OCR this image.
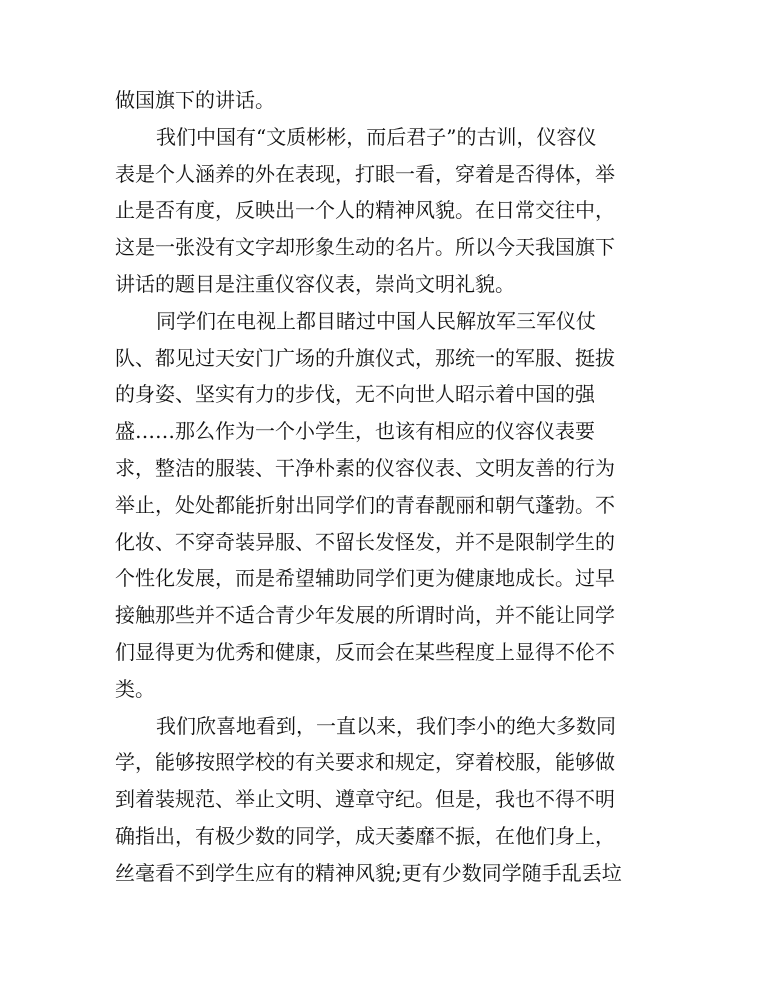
做国旗下的讲话。
我们中国有“文质彬彬，而后君子”的古训，仪容仪
表是个人涵养的外在表现，打眼一看，穿着是否得体，举
止是否有度，反映出一个人的精神风貌。在日常交往中，
这是一张没有文字却形象生动的名片。所以今天我国旗下
讲话的题目是注重仪容仪表，崇尚文明礼貌。
同学们在电视上都目睹过中国人民解放军三军仪仗
队、都见过天安门广场的升旗仪式，那统一的军服、挺拔
的身姿、坚实有力的步伐，无不向世人昭示着中国的强
盛……那么作为一个小学生，也该有相应的仪容仪表要
求，整洁的服装、干净朴素的仪容仪表、文明友善的行为
举止，处处都能折射出同学们的青春靓丽和朝气蓬勃。不
化妆、不穿奇装异服、不留长发怪发，并不是限制学生的
个性化发展，而是希望辅助同学们更为健康地成长。过早
接触那些并不适合青少年发展的所谓时尚，并不能让同学
们显得更为优秀和健康，反而会在某些程度上显得不伦不
类。
我们欣喜地看到，一直以来，我们李小的绝大多数同
学，能够按照学校的有关要求和规定，穿着校服，能够做
到着装规范、举止文明、遵章守纪。但是，我也不得不明
确指出，有极少数的同学，成天萎靡不振，在他们身上，
丝毫看不到学生应有的精神风貌;更有少数同学随手乱丢垃
